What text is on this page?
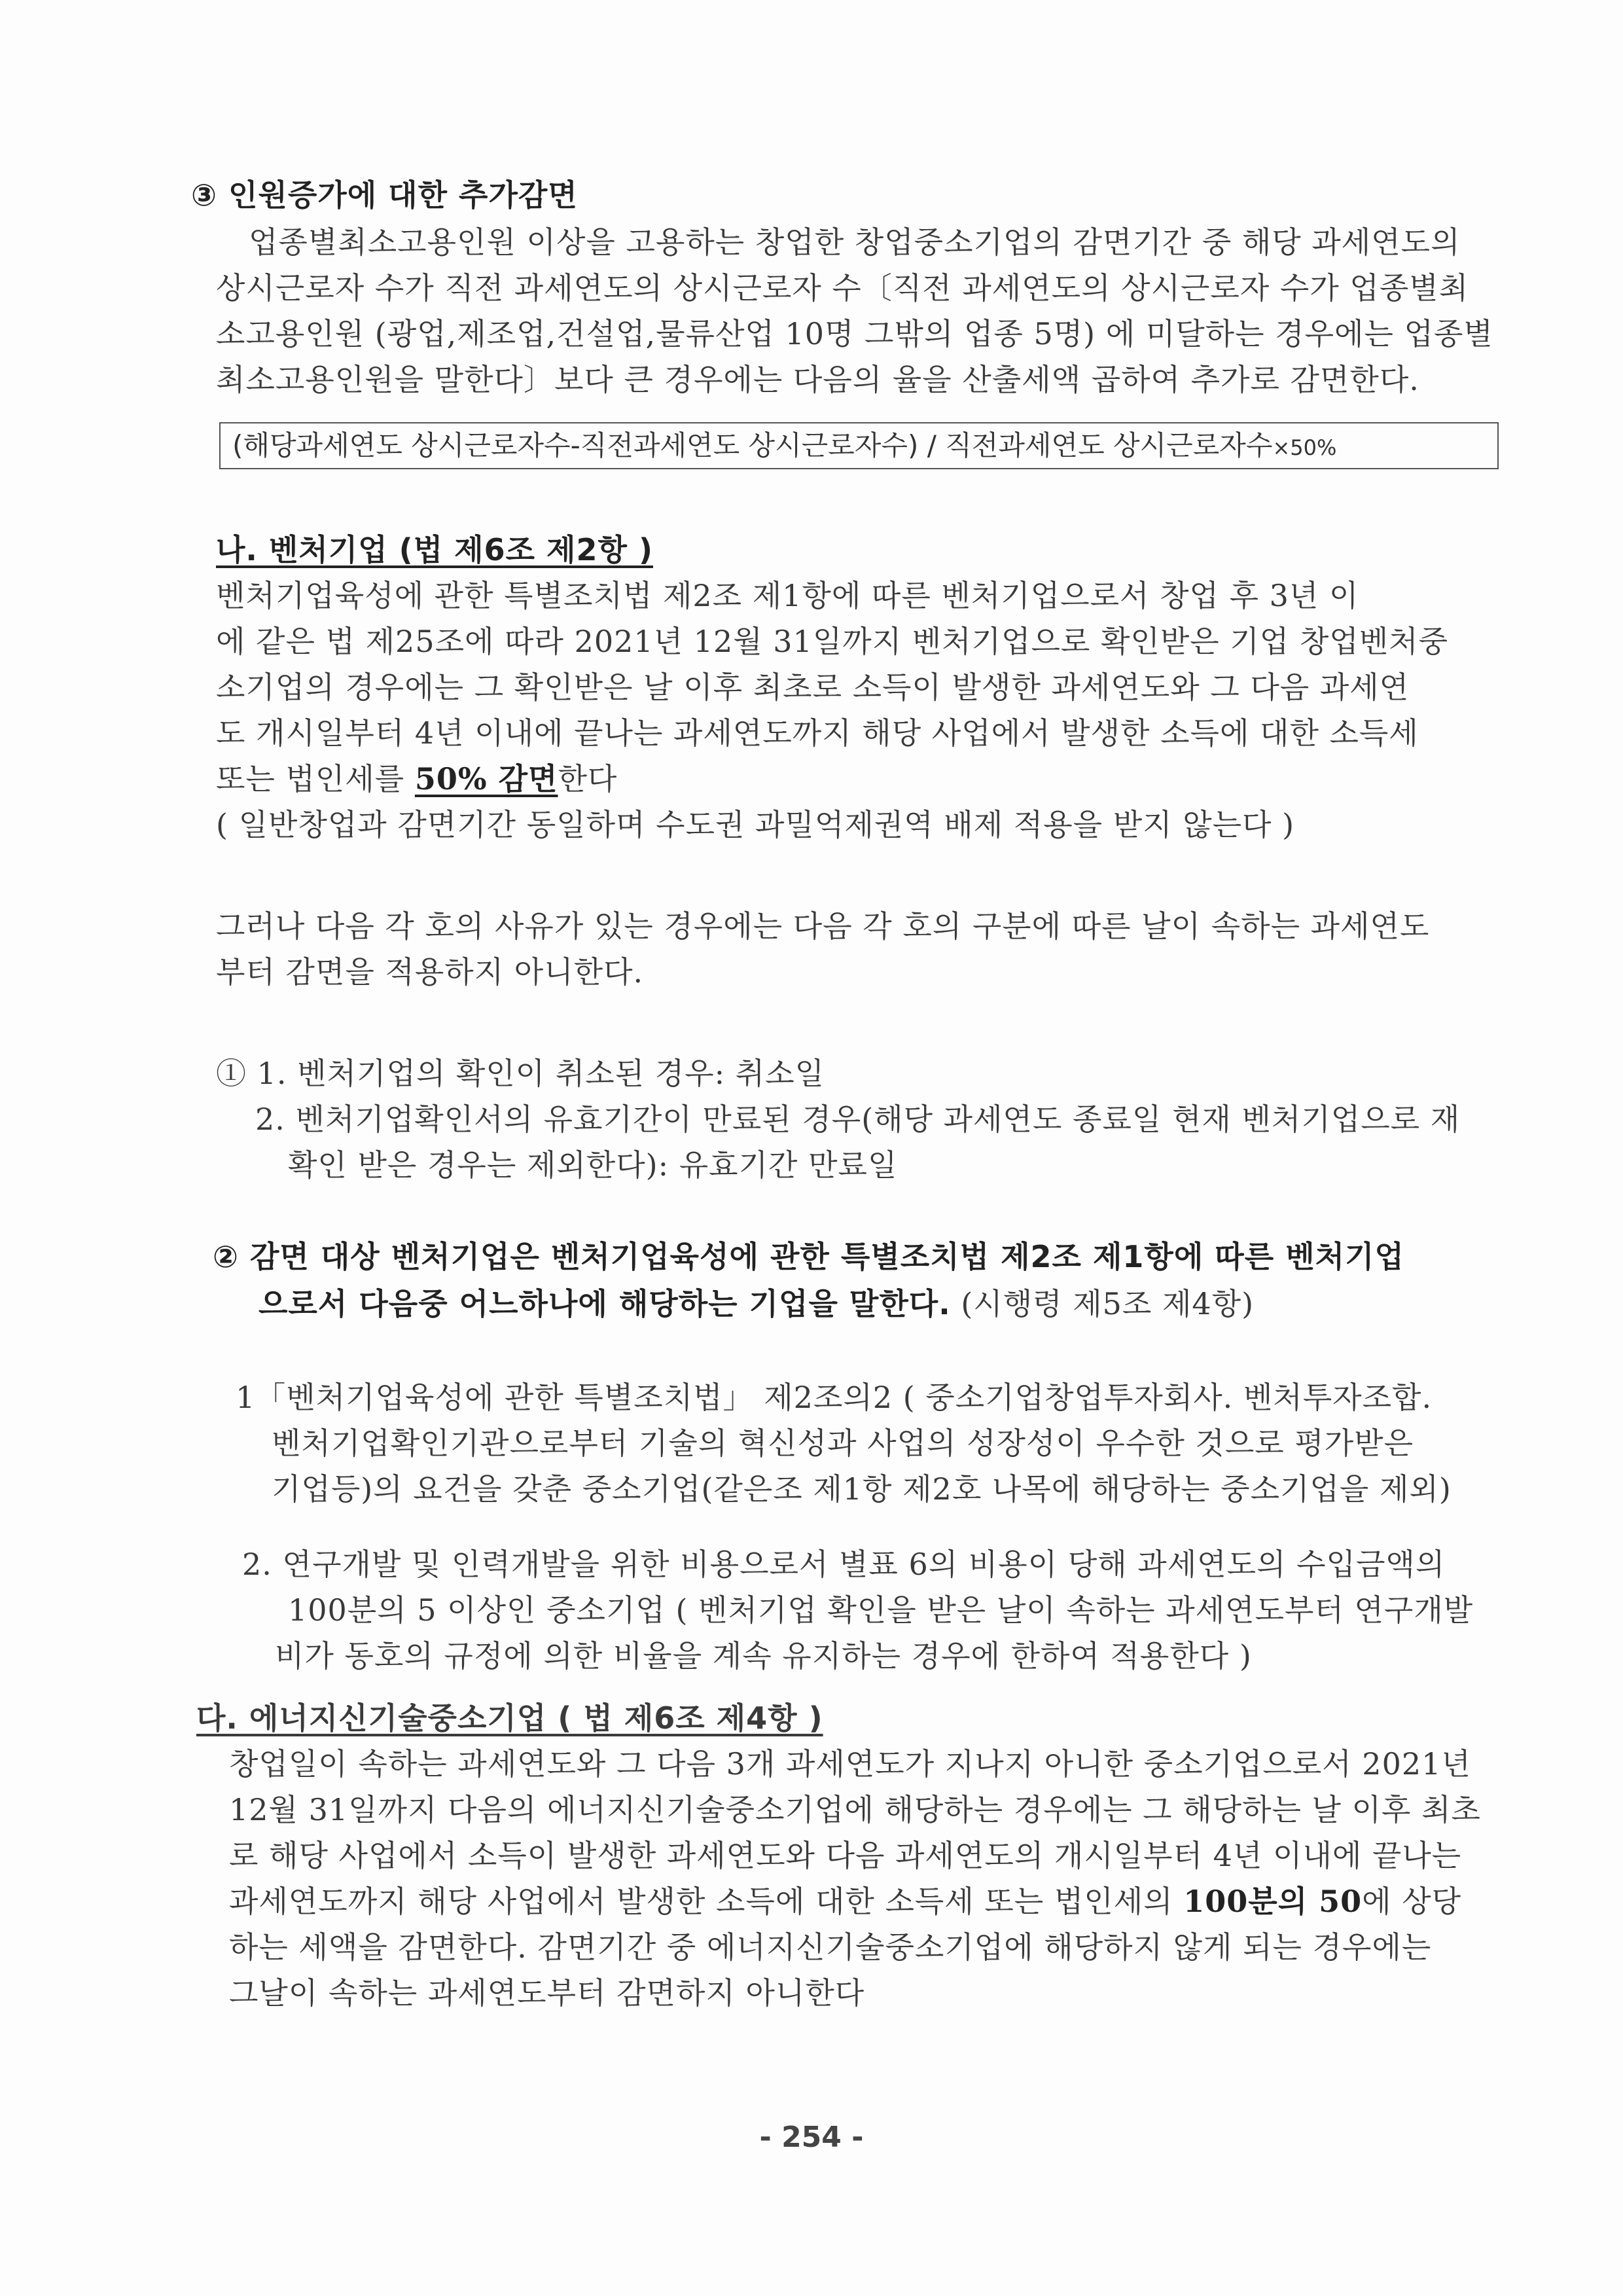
③ 인원증가에 대한 추가감면
업종별최소고용인원 이상을 고용하는 창업한 창업중소기업의 감면기간 중 해당 과세연도의
상시근로자 수가 직전 과세연도의 상시근로자 수〔직전 과세연도의 상시근로자 수가 업종별최
소고용인원 (광업,제조업,건설업,물류산업 10명 그밖의 업종 5명) 에 미달하는 경우에는 업종별
최소고용인원을 말한다〕보다 큰 경우에는 다음의 율을 산출세액 곱하여 추가로 감면한다.
(해당과세연도 상시근로자수-직전과세연도 상시근로자수) / 직전과세연도 상시근로자수×50%
나. 벤처기업 (법 제6조 제2항 )
벤처기업육성에 관한 특별조치법 제2조 제1항에 따른 벤처기업으로서 창업 후 3년 이
에 같은 법 제25조에 따라 2021년 12월 31일까지 벤처기업으로 확인받은 기업 창업벤처중
소기업의 경우에는 그 확인받은 날 이후 최초로 소득이 발생한 과세연도와 그 다음 과세연
도 개시일부터 4년 이내에 끝나는 과세연도까지 해당 사업에서 발생한 소득에 대한 소득세
또는 법인세를 50% 감면한다
( 일반창업과 감면기간 동일하며 수도권 과밀억제권역 배제 적용을 받지 않는다 )
그러나 다음 각 호의 사유가 있는 경우에는 다음 각 호의 구분에 따른 날이 속하는 과세연도
부터 감면을 적용하지 아니한다.
① 1. 벤처기업의 확인이 취소된 경우: 취소일
2. 벤처기업확인서의 유효기간이 만료된 경우(해당 과세연도 종료일 현재 벤처기업으로 재
확인 받은 경우는 제외한다): 유효기간 만료일
② 감면 대상 벤처기업은 벤처기업육성에 관한 특별조치법 제2조 제1항에 따른 벤처기업
으로서 다음중 어느하나에 해당하는 기업을 말한다. (시행령 제5조 제4항)
1「벤처기업육성에 관한 특별조치법」 제2조의2 ( 중소기업창업투자회사. 벤처투자조합.
벤처기업확인기관으로부터 기술의 혁신성과 사업의 성장성이 우수한 것으로 평가받은
기업등)의 요건을 갖춘 중소기업(같은조 제1항 제2호 나목에 해당하는 중소기업을 제외)
2. 연구개발 및 인력개발을 위한 비용으로서 별표 6의 비용이 당해 과세연도의 수입금액의
100분의 5 이상인 중소기업 ( 벤처기업 확인을 받은 날이 속하는 과세연도부터 연구개발
비가 동호의 규정에 의한 비율을 계속 유지하는 경우에 한하여 적용한다 )
다. 에너지신기술중소기업 ( 법 제6조 제4항 )
창업일이 속하는 과세연도와 그 다음 3개 과세연도가 지나지 아니한 중소기업으로서 2021년
12월 31일까지 다음의 에너지신기술중소기업에 해당하는 경우에는 그 해당하는 날 이후 최초
로 해당 사업에서 소득이 발생한 과세연도와 다음 과세연도의 개시일부터 4년 이내에 끝나는
과세연도까지 해당 사업에서 발생한 소득에 대한 소득세 또는 법인세의 100분의 50에 상당
하는 세액을 감면한다. 감면기간 중 에너지신기술중소기업에 해당하지 않게 되는 경우에는
그날이 속하는 과세연도부터 감면하지 아니한다
- 254 -
